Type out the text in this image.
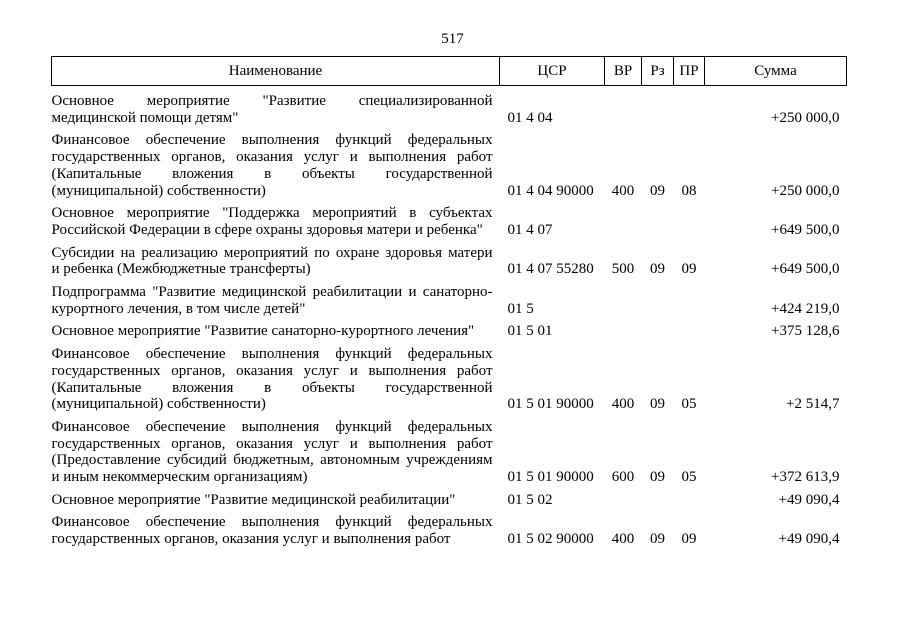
517
Наименование	ЦСР	ВР	Рз	ПР	Сумма

Основное мероприятие "Развитие специализированной
медицинской помощи детям"	01 4 04				+250 000,0

Финансовое обеспечение выполнения функций федеральных
государственных органов, оказания услуг и выполнения работ
(Капитальные вложения в объекты государственной
(муниципальной) собственности)	01 4 04 90000	400	09	08	+250 000,0

Основное мероприятие "Поддержка мероприятий в субъектах
Российской Федерации в сфере охраны здоровья матери и ребенка"	01 4 07				+649 500,0

Субсидии на реализацию мероприятий по охране здоровья матери
и ребенка (Межбюджетные трансферты)	01 4 07 55280	500	09	09	+649 500,0

Подпрограмма "Развитие медицинской реабилитации и санаторно-
курортного лечения, в том числе детей"	01 5				+424 219,0

Основное мероприятие "Развитие санаторно-курортного лечения"	01 5 01				+375 128,6

Финансовое обеспечение выполнения функций федеральных
государственных органов, оказания услуг и выполнения работ
(Капитальные вложения в объекты государственной
(муниципальной) собственности)	01 5 01 90000	400	09	05	+2 514,7

Финансовое обеспечение выполнения функций федеральных
государственных органов, оказания услуг и выполнения работ
(Предоставление субсидий бюджетным, автономным учреждениям
и иным некоммерческим организациям)	01 5 01 90000	600	09	05	+372 613,9

Основное мероприятие "Развитие медицинской реабилитации"	01 5 02				+49 090,4

Финансовое обеспечение выполнения функций федеральных
государственных органов, оказания услуг и выполнения работ	01 5 02 90000	400	09	09	+49 090,4
